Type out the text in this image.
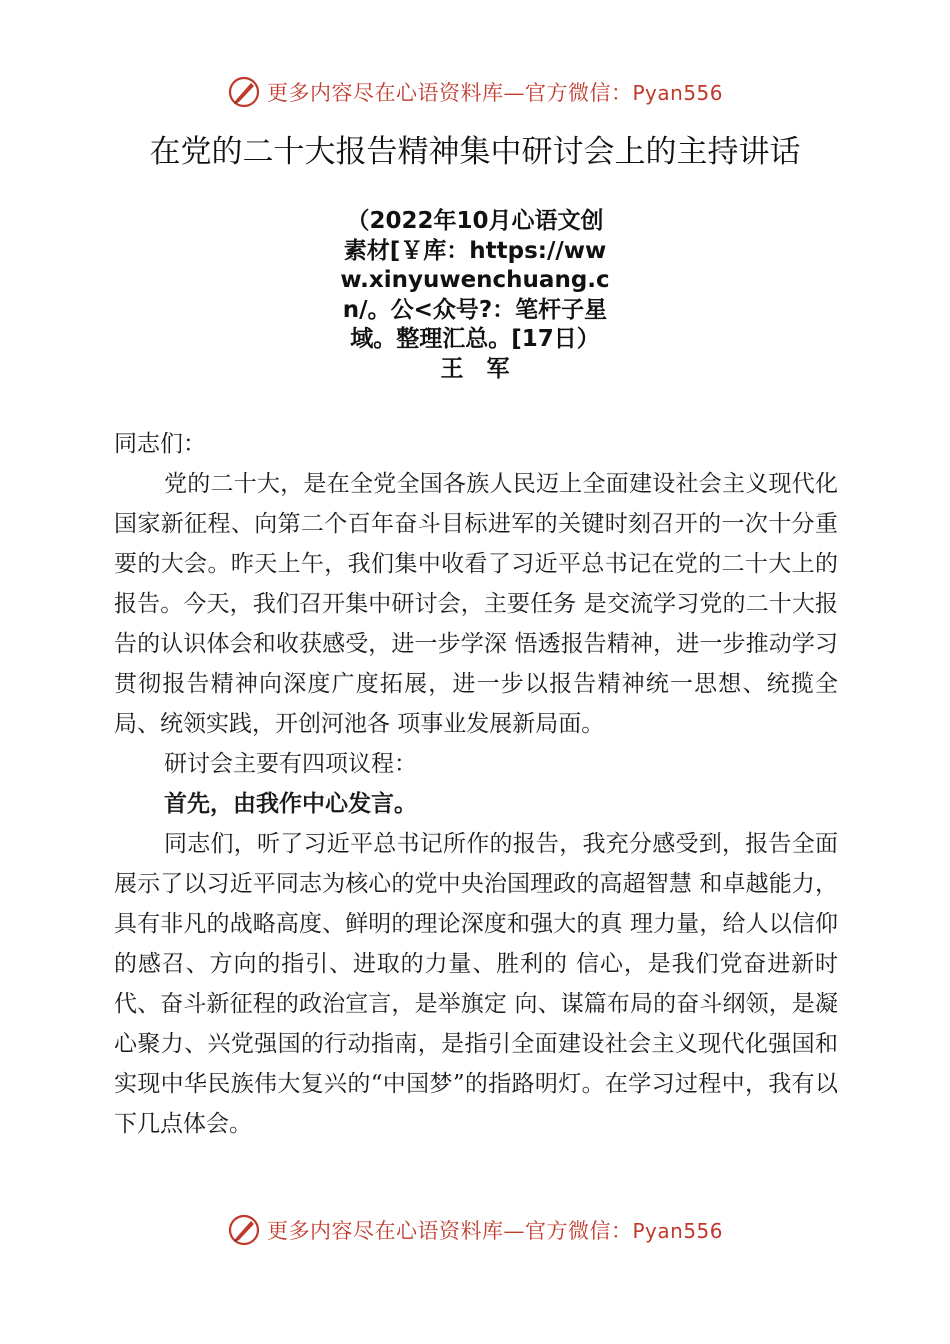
更多内容尽在心语资料库—官方微信：Pyan556
在党的二十大报告精神集中研讨会上的主持讲话
（2022年10月心语文创素材[￥库：https://www.xinyuwenchuang.cn/。公<众号?：笔杆子星域。整理汇总。[17日）王　军

同志们：

党的二十大，是在全党全国各族人民迈上全面建设社会主义现代化国家新征程、向第二个百年奋斗目标进军的关键时刻召开的一次十分重要的大会。昨天上午，我们集中收看了习近平总书记在党的二十大上的报告。今天，我们召开集中研讨会，主要任务 是交流学习党的二十大报告的认识体会和收获感受，进一步学深 悟透报告精神，进一步推动学习贯彻报告精神向深度广度拓展，进一步以报告精神统一思想、统揽全局、统领实践，开创河池各 项事业发展新局面。

研讨会主要有四项议程：

首先，由我作中心发言。

同志们，听了习近平总书记所作的报告，我充分感受到，报告全面展示了以习近平同志为核心的党中央治国理政的高超智慧 和卓越能力，具有非凡的战略高度、鲜明的理论深度和强大的真 理力量，给人以信仰的感召、方向的指引、进取的力量、胜利的 信心，是我们党奋进新时代、奋斗新征程的政治宣言，是举旗定 向、谋篇布局的奋斗纲领，是凝心聚力、兴党强国的行动指南，是指引全面建设社会主义现代化强国和实现中华民族伟大复兴的“中国梦”的指路明灯。在学习过程中，我有以下几点体会。

更多内容尽在心语资料库—官方微信：Pyan556
